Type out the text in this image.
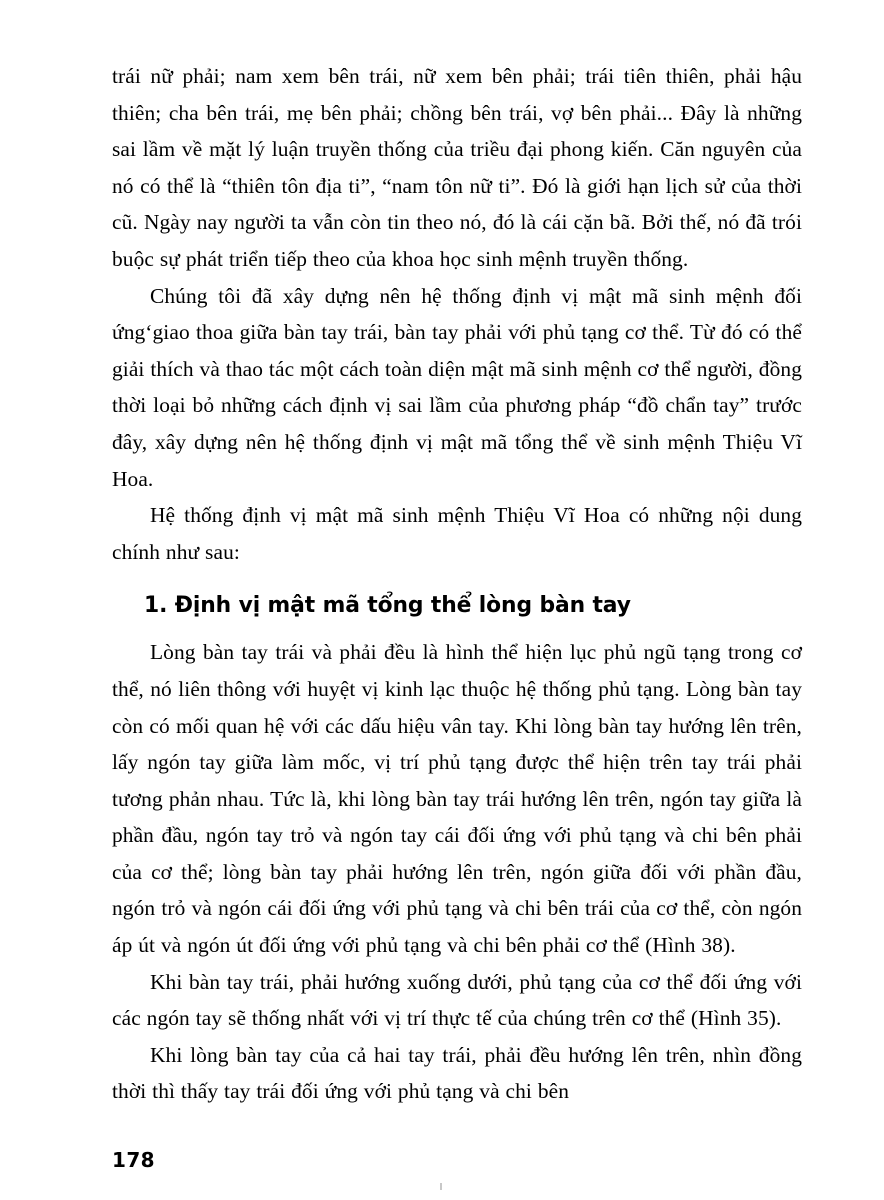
trái nữ phải; nam xem bên trái, nữ xem bên phải; trái tiên thiên, phải hậu thiên; cha bên trái, mẹ bên phải; chồng bên trái, vợ bên phải... Đây là những sai lầm về mặt lý luận truyền thống của triều đại phong kiến. Căn nguyên của nó có thể là “thiên tôn địa ti”, “nam tôn nữ ti”. Đó là giới hạn lịch sử của thời cũ. Ngày nay người ta vẫn còn tin theo nó, đó là cái cặn bã. Bởi thế, nó đã trói buộc sự phát triển tiếp theo của khoa học sinh mệnh truyền thống.

Chúng tôi đã xây dựng nên hệ thống định vị mật mã sinh mệnh đối ứng‘giao thoa giữa bàn tay trái, bàn tay phải với phủ tạng cơ thể. Từ đó có thể giải thích và thao tác một cách toàn diện mật mã sinh mệnh cơ thể người, đồng thời loại bỏ những cách định vị sai lầm của phương pháp “đồ chẩn tay” trước đây, xây dựng nên hệ thống định vị mật mã tổng thể về sinh mệnh Thiệu Vĩ Hoa.

Hệ thống định vị mật mã sinh mệnh Thiệu Vĩ Hoa có những nội dung chính như sau:

1. Định vị mật mã tổng thể lòng bàn tay

Lòng bàn tay trái và phải đều là hình thể hiện lục phủ ngũ tạng trong cơ thể, nó liên thông với huyệt vị kinh lạc thuộc hệ thống phủ tạng. Lòng bàn tay còn có mối quan hệ với các dấu hiệu vân tay. Khi lòng bàn tay hướng lên trên, lấy ngón tay giữa làm mốc, vị trí phủ tạng được thể hiện trên tay trái phải tương phản nhau. Tức là, khi lòng bàn tay trái hướng lên trên, ngón tay giữa là phần đầu, ngón tay trỏ và ngón tay cái đối ứng với phủ tạng và chi bên phải của cơ thể; lòng bàn tay phải hướng lên trên, ngón giữa đối với phần đầu, ngón trỏ và ngón cái đối ứng với phủ tạng và chi bên trái của cơ thể, còn ngón áp út và ngón út đối ứng với phủ tạng và chi bên phải cơ thể (Hình 38).

Khi bàn tay trái, phải hướng xuống dưới, phủ tạng của cơ thể đối ứng với các ngón tay sẽ thống nhất với vị trí thực tế của chúng trên cơ thể (Hình 35).

Khi lòng bàn tay của cả hai tay trái, phải đều hướng lên trên, nhìn đồng thời thì thấy tay trái đối ứng với phủ tạng và chi bên

178
